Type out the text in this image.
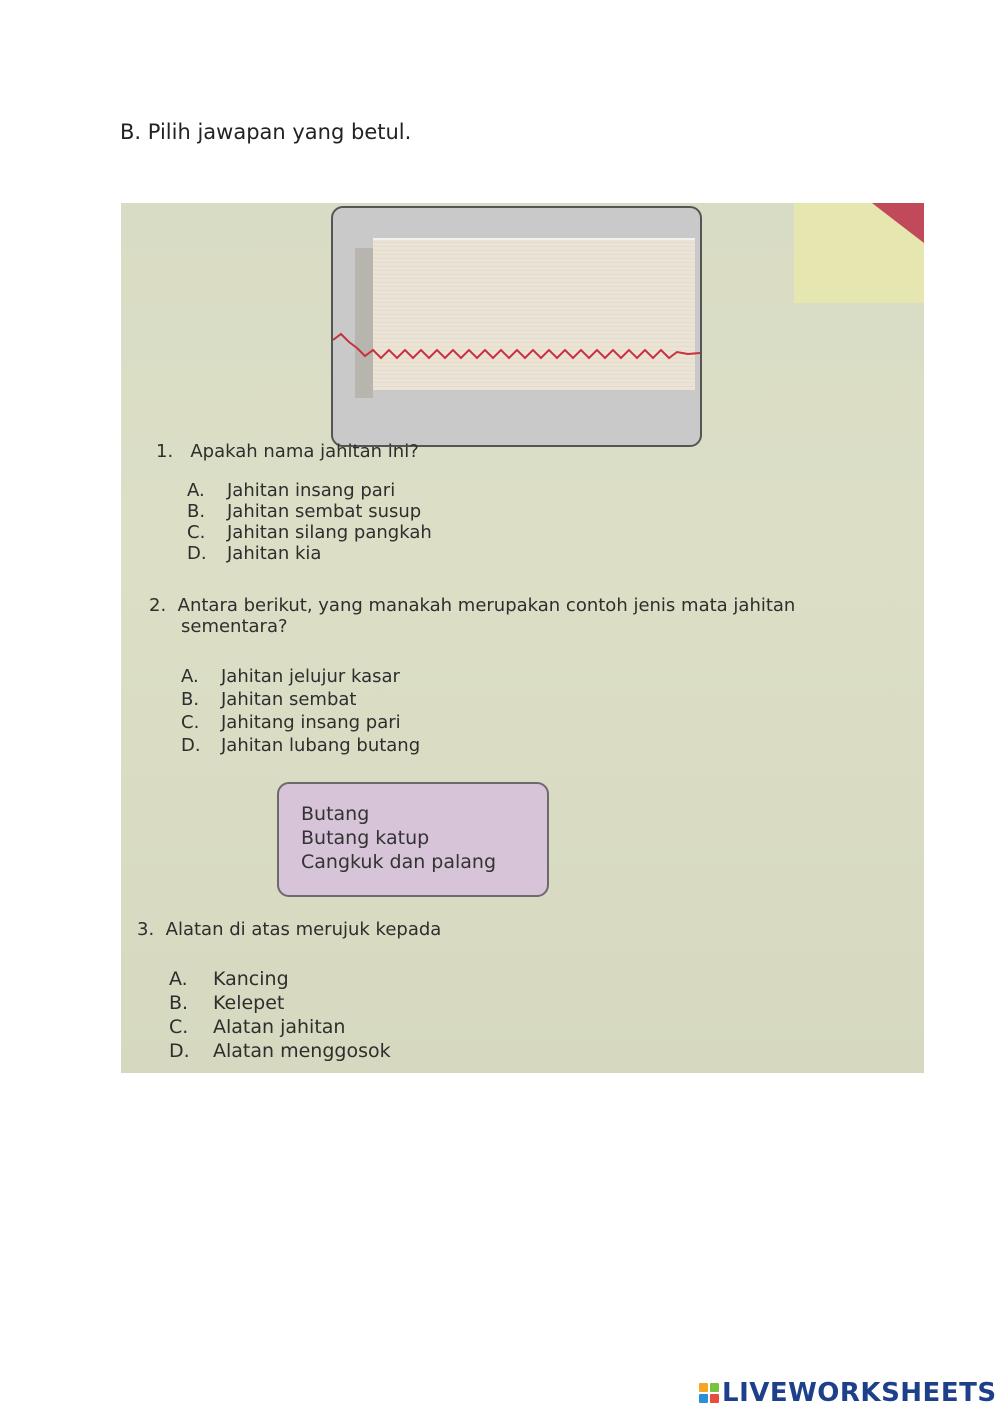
B. Pilih jawapan yang betul.
1. Apakah nama jahitan ini?
A. Jahitan insang pari
B. Jahitan sembat susup
C. Jahitan silang pangkah
D. Jahitan kia
2. Antara berikut, yang manakah merupakan contoh jenis mata jahitan
sementara?
A. Jahitan jelujur kasar
B. Jahitan sembat
C. Jahitang insang pari
D. Jahitan lubang butang
Butang
Butang katup
Cangkuk dan palang
3. Alatan di atas merujuk kepada
A. Kancing
B. Kelepet
C. Alatan jahitan
D. Alatan menggosok
LIVEWORKSHEETS
